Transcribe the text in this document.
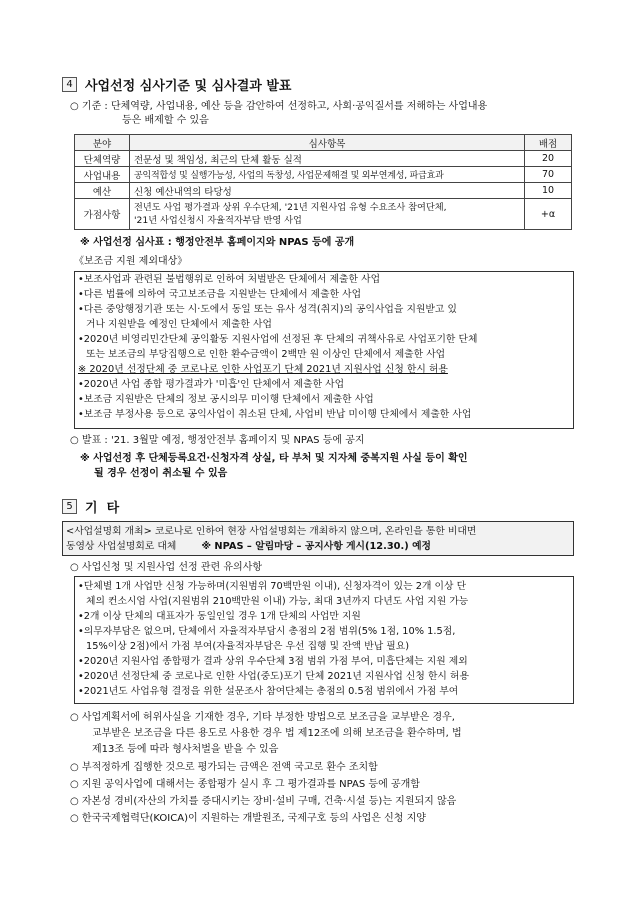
4 사업선정 심사기준 및 심사결과 발표
○ 기준 : 단체역량, 사업내용, 예산 등을 감안하여 선정하고, 사회·공익질서를 저해하는 사업내용
등은 배제할 수 있음
분야	심사항목	배점
단체역량	전문성 및 책임성, 최근의 단체 활동 실적	20
사업내용	공익적합성 및 실행가능성, 사업의 독창성, 사업문제해결 및 외부연계성, 파급효과	70
예산	신청 예산내역의 타당성	10
가점사항	전년도 사업 평가결과 상위 우수단체, '21년 지원사업 유형 수요조사 참여단체,
'21년 사업신청시 자율적자부담 반영 사업	+α
※ 사업선정 심사표 : 행정안전부 홈페이지와 NPAS 등에 공개
《보조금 지원 제외대상》
•보조사업과 관련된 불법행위로 인하여 처벌받은 단체에서 제출한 사업
•다른 법률에 의하여 국고보조금을 지원받는 단체에서 제출한 사업
•다른 중앙행정기관 또는 시·도에서 동일 또는 유사 성격(취지)의 공익사업을 지원받고 있
거나 지원받을 예정인 단체에서 제출한 사업
•2020년 비영리민간단체 공익활동 지원사업에 선정된 후 단체의 귀책사유로 사업포기한 단체
또는 보조금의 부당집행으로 인한 환수금액이 2백만 원 이상인 단체에서 제출한 사업
※ 2020년 선정단체 중 코로나로 인한 사업포기 단체 2021년 지원사업 신청 한시 허용
•2020년 사업 종합 평가결과가 '미흡'인 단체에서 제출한 사업
•보조금 지원받은 단체의 정보 공시의무 미이행 단체에서 제출한 사업
•보조금 부정사용 등으로 공익사업이 취소된 단체, 사업비 반납 미이행 단체에서 제출한 사업
○ 발표 : '21. 3월말 예정, 행정안전부 홈페이지 및 NPAS 등에 공지
※ 사업선정 후 단체등록요건·신청자격 상실, 타 부처 및 지자체 중복지원 사실 등이 확인
될 경우 선정이 취소될 수 있음
5 기  타
<사업설명회 개최> 코로나로 인하여 현장 사업설명회는 개최하지 않으며, 온라인을 통한 비대면
동영상 사업설명회로 대체	※ NPAS – 알림마당 – 공지사항 게시(12.30.) 예정
○ 사업신청 및 지원사업 선정 관련 유의사항
•단체별 1개 사업만 신청 가능하며(지원범위 70백만원 이내), 신청자격이 있는 2개 이상 단
체의 컨소시엄 사업(지원범위 210백만원 이내) 가능, 최대 3년까지 다년도 사업 지원 가능
•2개 이상 단체의 대표자가 동일인일 경우 1개 단체의 사업만 지원
•의무자부담은 없으며, 단체에서 자율적자부담시 총점의 2점 범위(5% 1점, 10% 1.5점,
15%이상 2점)에서 가점 부여(자율적자부담은 우선 집행 및 잔액 반납 필요)
•2020년 지원사업 종합평가 결과 상위 우수단체 3점 범위 가점 부여, 미흡단체는 지원 제외
•2020년 선정단체 중 코로나로 인한 사업(중도)포기 단체 2021년 지원사업 신청 한시 허용
•2021년도 사업유형 결정을 위한 설문조사 참여단체는 총점의 0.5점 범위에서 가점 부여
○ 사업계획서에 허위사실을 기재한 경우, 기타 부정한 방법으로 보조금을 교부받은 경우,
교부받은 보조금을 다른 용도로 사용한 경우 법 제12조에 의해 보조금을 환수하며, 법
제13조 등에 따라 형사처벌을 받을 수 있음
○ 부적정하게 집행한 것으로 평가되는 금액은 전액 국고로 환수 조치함
○ 지원 공익사업에 대해서는 종합평가 실시 후 그 평가결과를 NPAS 등에 공개함
○ 자본성 경비(자산의 가치를 증대시키는 장비·설비 구매, 건축·시설 등)는 지원되지 않음
○ 한국국제협력단(KOICA)이 지원하는 개발원조, 국제구호 등의 사업은 신청 지양
